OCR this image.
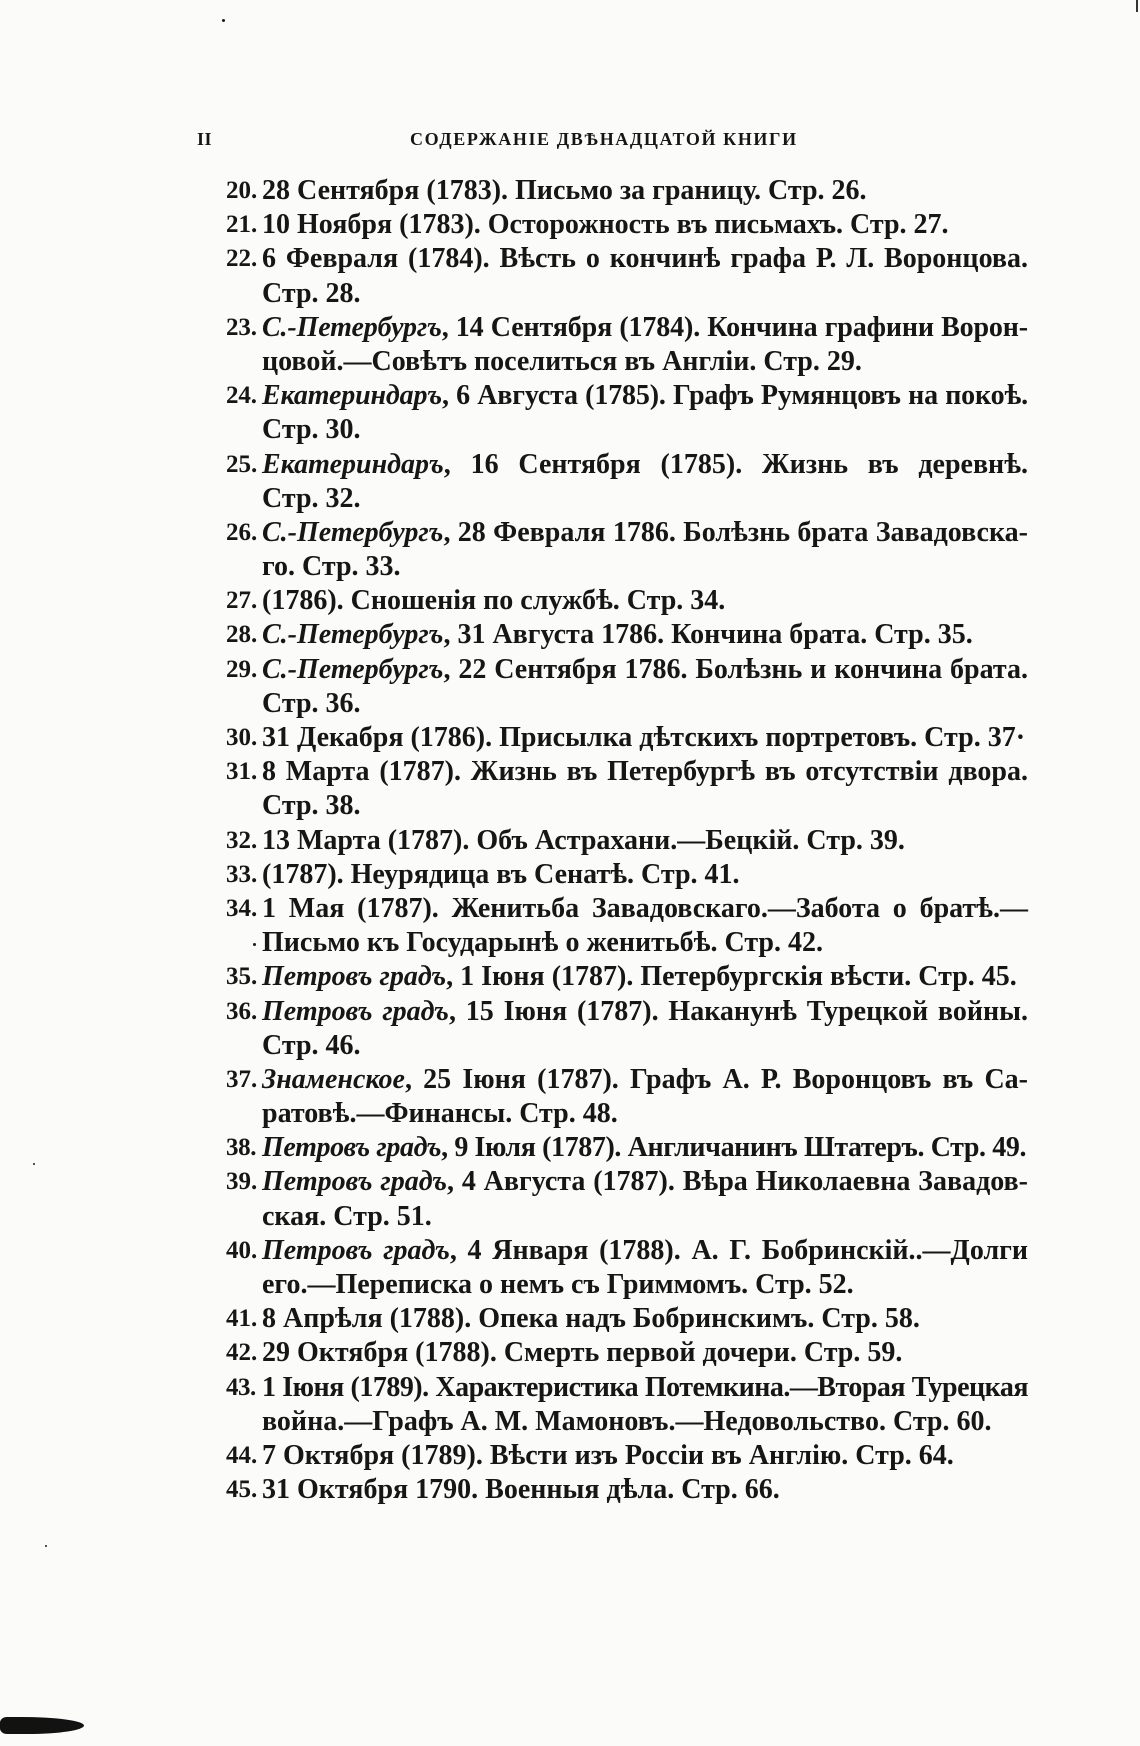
II	СОДЕРЖАНІЕ ДВѢНАДЦАТОЙ КНИГИ
20. 28 Сентября (1783). Письмо за границу. Стр. 26.
21. 10 Ноября (1783). Осторожность въ письмахъ. Стр. 27.
22. 6 Февраля (1784). Вѣсть о кончинѣ графа Р. Л. Воронцова.
Стр. 28.
23. С.-Петербургъ, 14 Сентября (1784). Кончина графини Ворон-
цовой.—Совѣтъ поселиться въ Англіи. Стр. 29.
24. Екатериндаръ, 6 Августа (1785). Графъ Румянцовъ на покоѣ.
Стр. 30.
25. Екатериндаръ, 16 Сентября (1785). Жизнь въ деревнѣ.
Стр. 32.
26. С.-Петербургъ, 28 Февраля 1786. Болѣзнь брата Завадовска-
го. Стр. 33.
27. (1786). Сношенія по службѣ. Стр. 34.
28. С.-Петербургъ, 31 Августа 1786. Кончина брата. Стр. 35.
29. С.-Петербургъ, 22 Сентября 1786. Болѣзнь и кончина брата.
Стр. 36.
30. 31 Декабря (1786). Присылка дѣтскихъ портретовъ. Стр. 37·
31. 8 Марта (1787). Жизнь въ Петербургѣ въ отсутствіи двора.
Стр. 38.
32. 13 Марта (1787). Объ Астрахани.—Бецкій. Стр. 39.
33. (1787). Неурядица въ Сенатѣ. Стр. 41.
34. 1 Мая (1787). Женитьба Завадовскаго.—Забота о братѣ.—
Письмо къ Государынѣ о женитьбѣ. Стр. 42.
35. Петровъ градъ, 1 Іюня (1787). Петербургскія вѣсти. Стр. 45.
36. Петровъ градъ, 15 Іюня (1787). Наканунѣ Турецкой войны.
Стр. 46.
37. Знаменское, 25 Іюня (1787). Графъ А. Р. Воронцовъ въ Са-
ратовѣ.—Финансы. Стр. 48.
38. Петровъ градъ, 9 Іюля (1787). Англичанинъ Штатеръ. Стр. 49.
39. Петровъ градъ, 4 Августа (1787). Вѣра Николаевна Завадов-
ская. Стр. 51.
40. Петровъ градъ, 4 Января (1788). А. Г. Бобринскій..—Долги
его.—Переписка о немъ съ Гриммомъ. Стр. 52.
41. 8 Апрѣля (1788). Опека надъ Бобринскимъ. Стр. 58.
42. 29 Октября (1788). Смерть первой дочери. Стр. 59.
43. 1 Іюня (1789). Характеристика Потемкина.—Вторая Турецкая
война.—Графъ А. М. Мамоновъ.—Недовольство. Стр. 60.
44. 7 Октября (1789). Вѣсти изъ Россіи въ Англію. Стр. 64.
45. 31 Октября 1790. Военныя дѣла. Стр. 66.
